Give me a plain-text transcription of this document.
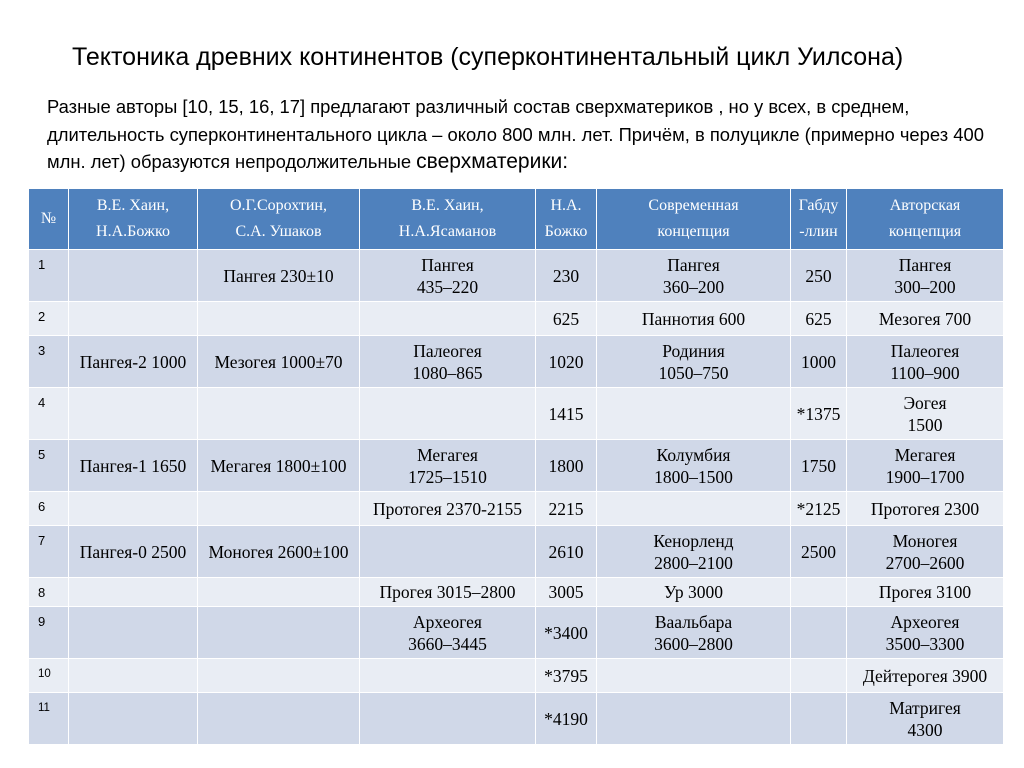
Тектоника древних континентов (суперконтинентальный цикл Уилсона)
Разные авторы [10, 15, 16, 17] предлагают различный состав сверхматериков , но у всех, в среднем, длительность суперконтинентального цикла – около 800 млн. лет. Причём, в полуцикле (примерно через 400 млн. лет) образуются непродолжительные сверхматерики:
№	В.Е. Хаин,
Н.А.Божко	О.Г.Сорохтин,
С.А. Ушаков	В.Е. Хаин,
Н.А.Ясаманов	Н.А.
Божко	Современная
концепция	Габду
-ллин	Авторская
концепция

1		Пангея 230±10	Пангея
435–220	230	Пангея
360–200	250	Пангея
300–200

2				625	Паннотия 600	625	Мезогея 700

3	Пангея-2 1000	Мезогея 1000±70	Палеогея
1080–865	1020	Родиния
1050–750	1000	Палеогея
1100–900

4				1415		*1375	Эогея
1500

5	Пангея-1 1650	Мегагея 1800±100	Мегагея
1725–1510	1800	Колумбия
1800–1500	1750	Мегагея
1900–1700

6			Протогея 2370-2155	2215		*2125	Протогея 2300

7	Пангея-0 2500	Моногея 2600±100		2610	Кенорленд
2800–2100	2500	Моногея
2700–2600

8			Прогея 3015–2800	3005	Ур 3000		Прогея 3100

9			Археогея
3660–3445	*3400	Ваальбара
3600–2800		Археогея
3500–3300

10				*3795			Дейтерогея 3900

11				*4190			Матригея
4300
